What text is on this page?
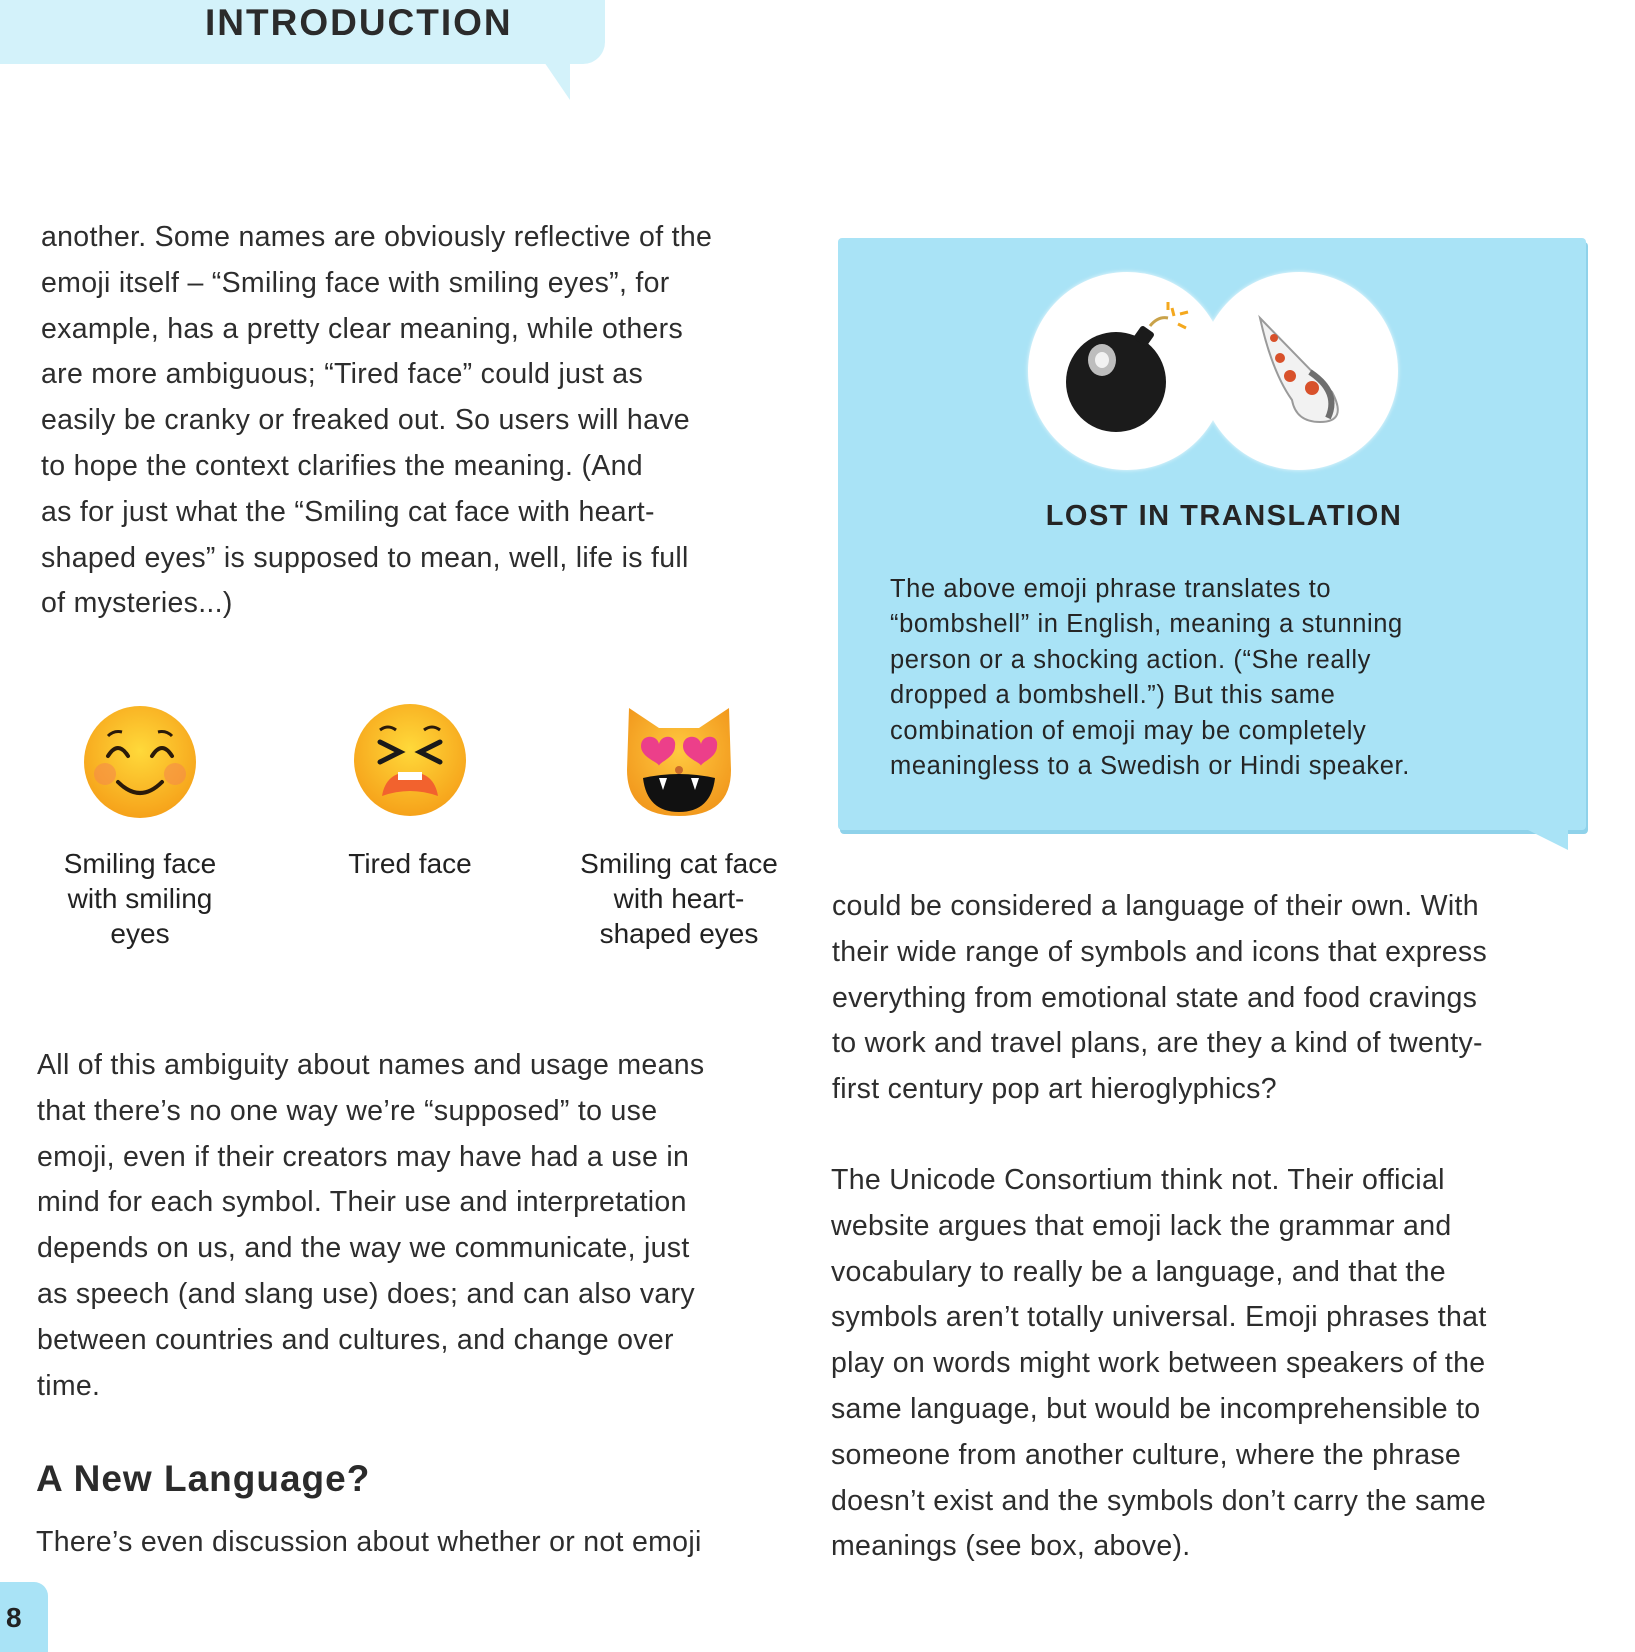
INTRODUCTION

another. Some names are obviously reflective of the
emoji itself – “Smiling face with smiling eyes”, for
example, has a pretty clear meaning, while others
are more ambiguous; “Tired face” could just as
easily be cranky or freaked out. So users will have
to hope the context clarifies the meaning. (And
as for just what the “Smiling cat face with heart-
shaped eyes” is supposed to mean, well, life is full
of mysteries...)

Smiling face
with smiling
eyes
Tired face	Smiling cat face
with heart-
shaped eyes

All of this ambiguity about names and usage means
that there’s no one way we’re “supposed” to use
emoji, even if their creators may have had a use in
mind for each symbol. Their use and interpretation
depends on us, and the way we communicate, just
as speech (and slang use) does; and can also vary
between countries and cultures, and change over
time.

A New Language?

There’s even discussion about whether or not emoji

LOST IN TRANSLATION
The above emoji phrase translates to
“bombshell” in English, meaning a stunning
person or a shocking action. (“She really
dropped a bombshell.”) But this same
combination of emoji may be completely
meaningless to a Swedish or Hindi speaker.

could be considered a language of their own. With
their wide range of symbols and icons that express
everything from emotional state and food cravings
to work and travel plans, are they a kind of twenty-
first century pop art hieroglyphics?

The Unicode Consortium think not. Their official
website argues that emoji lack the grammar and
vocabulary to really be a language, and that the
symbols aren’t totally universal. Emoji phrases that
play on words might work between speakers of the
same language, but would be incomprehensible to
someone from another culture, where the phrase
doesn’t exist and the symbols don’t carry the same
meanings (see box, above).

8
